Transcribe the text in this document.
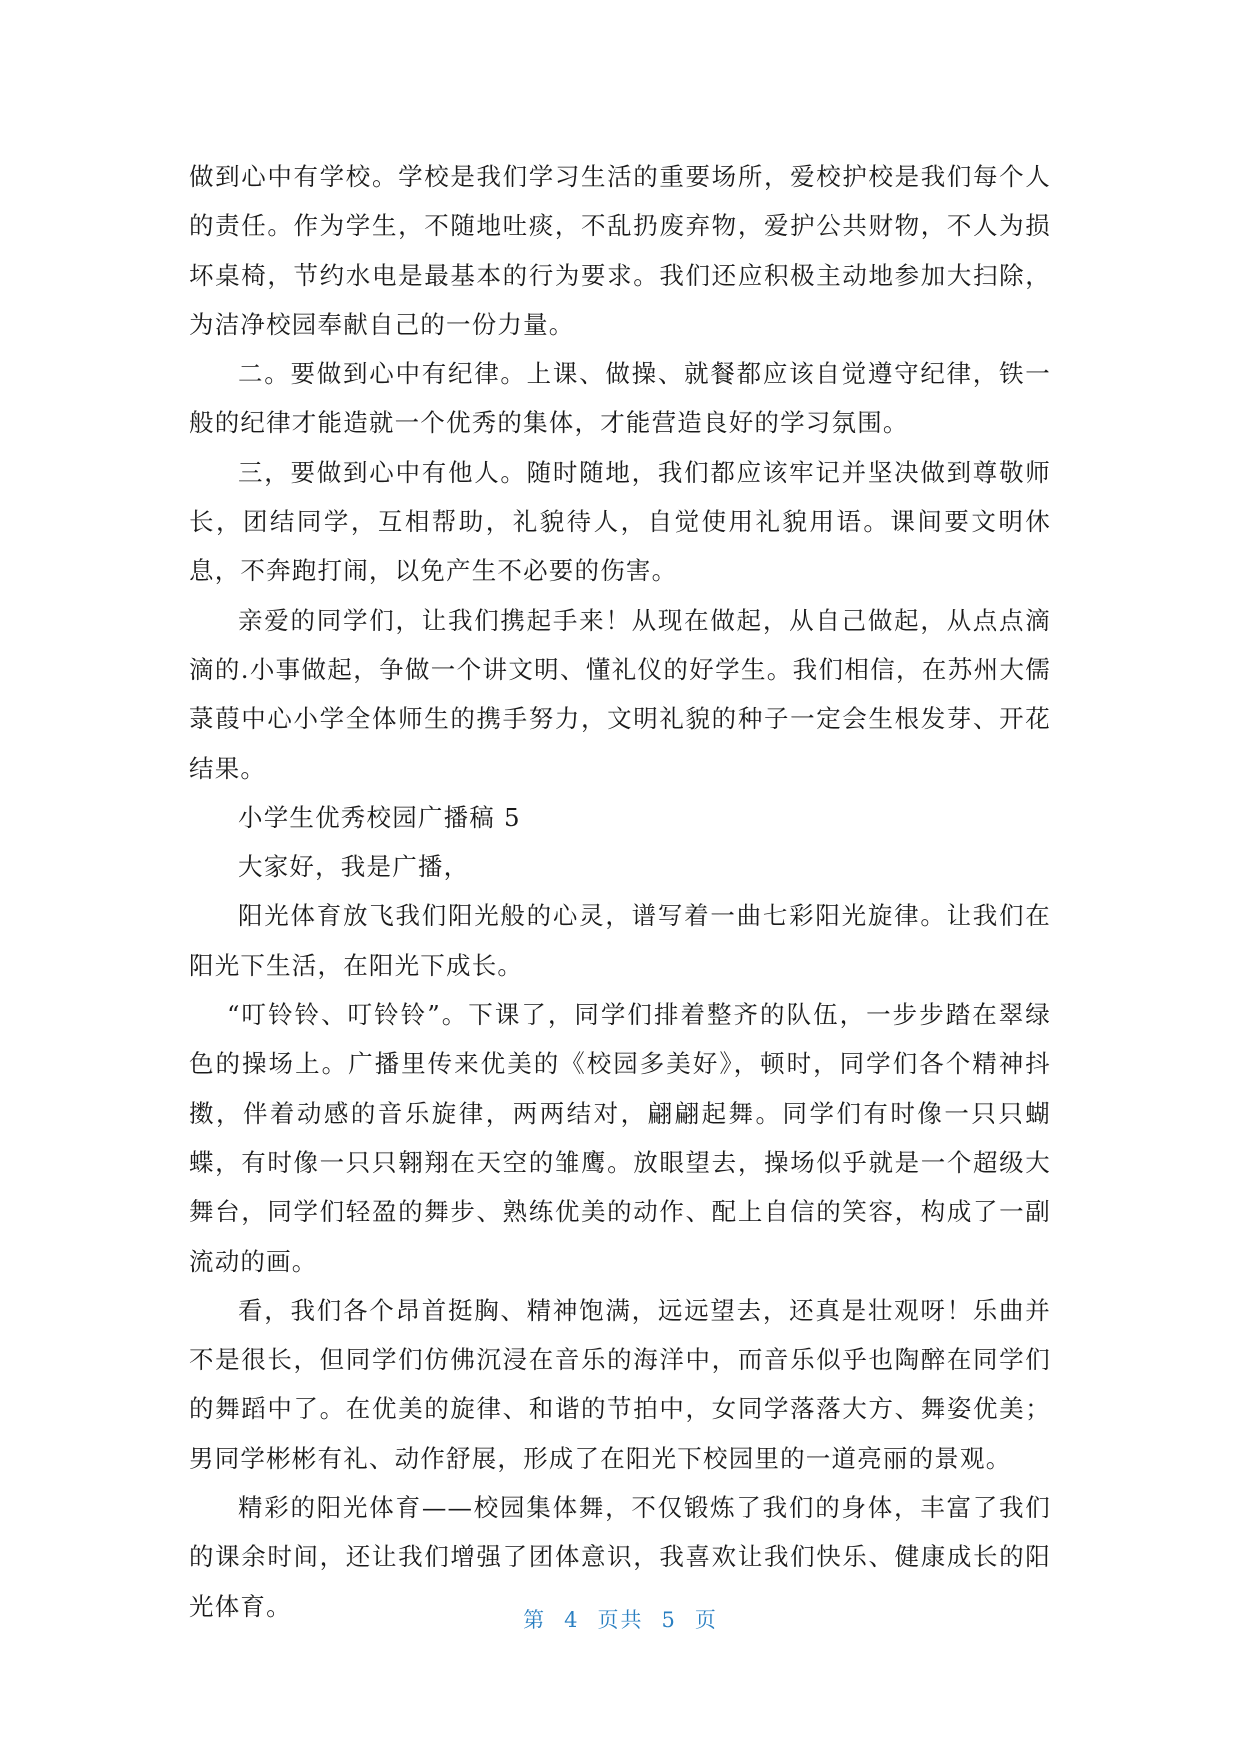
做到心中有学校。学校是我们学习生活的重要场所，爱校护校是我们每个人的责任。作为学生，不随地吐痰，不乱扔废弃物，爱护公共财物，不人为损坏桌椅，节约水电是最基本的行为要求。我们还应积极主动地参加大扫除，为洁净校园奉献自己的一份力量。

二。要做到心中有纪律。上课、做操、就餐都应该自觉遵守纪律，铁一般的纪律才能造就一个优秀的集体，才能营造良好的学习氛围。

三，要做到心中有他人。随时随地，我们都应该牢记并坚决做到尊敬师长，团结同学，互相帮助，礼貌待人，自觉使用礼貌用语。课间要文明休息，不奔跑打闹，以免产生不必要的伤害。

亲爱的同学们，让我们携起手来！从现在做起，从自己做起，从点点滴滴的.小事做起，争做一个讲文明、懂礼仪的好学生。我们相信，在苏州大儒菉葭中心小学全体师生的携手努力，文明礼貌的种子一定会生根发芽、开花结果。

小学生优秀校园广播稿 5

大家好，我是广播，

阳光体育放飞我们阳光般的心灵，谱写着一曲七彩阳光旋律。让我们在阳光下生活，在阳光下成长。

“叮铃铃、叮铃铃”。下课了，同学们排着整齐的队伍，一步步踏在翠绿色的操场上。广播里传来优美的《校园多美好》，顿时，同学们各个精神抖擞，伴着动感的音乐旋律，两两结对，翩翩起舞。同学们有时像一只只蝴蝶，有时像一只只翱翔在天空的雏鹰。放眼望去，操场似乎就是一个超级大舞台，同学们轻盈的舞步、熟练优美的动作、配上自信的笑容，构成了一副流动的画。

看，我们各个昂首挺胸、精神饱满，远远望去，还真是壮观呀！乐曲并不是很长，但同学们仿佛沉浸在音乐的海洋中，而音乐似乎也陶醉在同学们的舞蹈中了。在优美的旋律、和谐的节拍中，女同学落落大方、舞姿优美；男同学彬彬有礼、动作舒展，形成了在阳光下校园里的一道亮丽的景观。

精彩的阳光体育——校园集体舞，不仅锻炼了我们的身体，丰富了我们的课余时间，还让我们增强了团体意识，我喜欢让我们快乐、健康成长的阳光体育。	第 4 页共 5 页
